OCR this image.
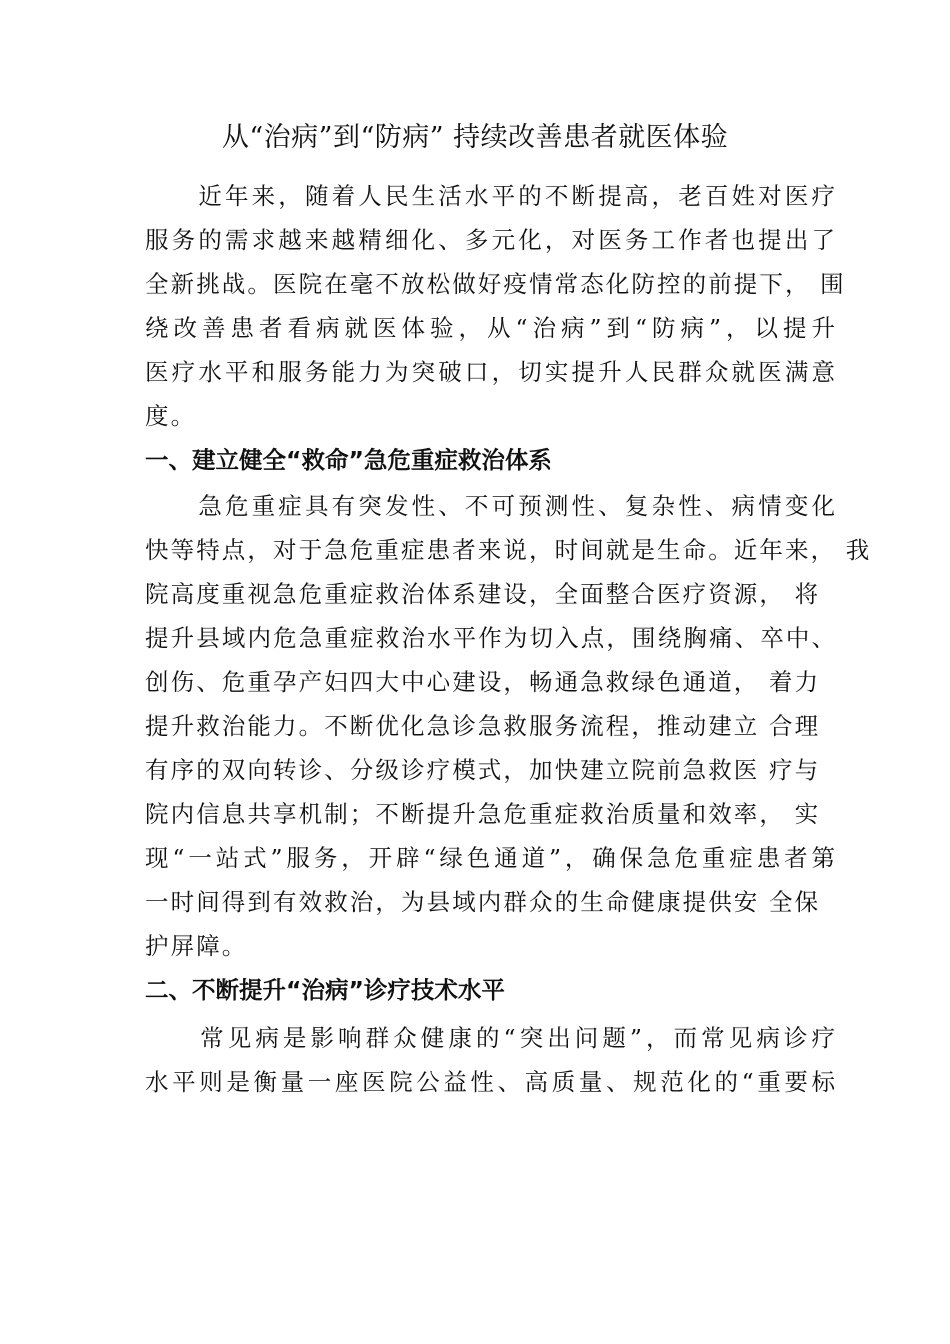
从“治病”到“防病” 持续改善患者就医体验
　　近年来，随着人民生活水平的不断提高，老百姓对医疗
服务的需求越来越精细化、多元化，对医务工作者也提出了
全新挑战。医院在毫不放松做好疫情常态化防控的前提下， 围
绕改善患者看病就医体验，从“治病”到“防病”，以提升
医疗水平和服务能力为突破口，切实提升人民群众就医满意
度。
一、建立健全“救命”急危重症救治体系
　　急危重症具有突发性、不可预测性、复杂性、病情变化
快等特点，对于急危重症患者来说，时间就是生命。近年来， 我
院高度重视急危重症救治体系建设，全面整合医疗资源， 将
提升县域内危急重症救治水平作为切入点，围绕胸痛、卒中、
创伤、危重孕产妇四大中心建设，畅通急救绿色通道， 着力
提升救治能力。不断优化急诊急救服务流程，推动建立 合理
有序的双向转诊、分级诊疗模式，加快建立院前急救医 疗与
院内信息共享机制；不断提升急危重症救治质量和效率， 实
现“一站式”服务，开辟“绿色通道”，确保急危重症患者第
一时间得到有效救治，为县域内群众的生命健康提供安 全保
护屏障。
二、不断提升“治病”诊疗技术水平
　　常见病是影响群众健康的“突出问题”，而常见病诊疗
水平则是衡量一座医院公益性、高质量、规范化的“重要标
